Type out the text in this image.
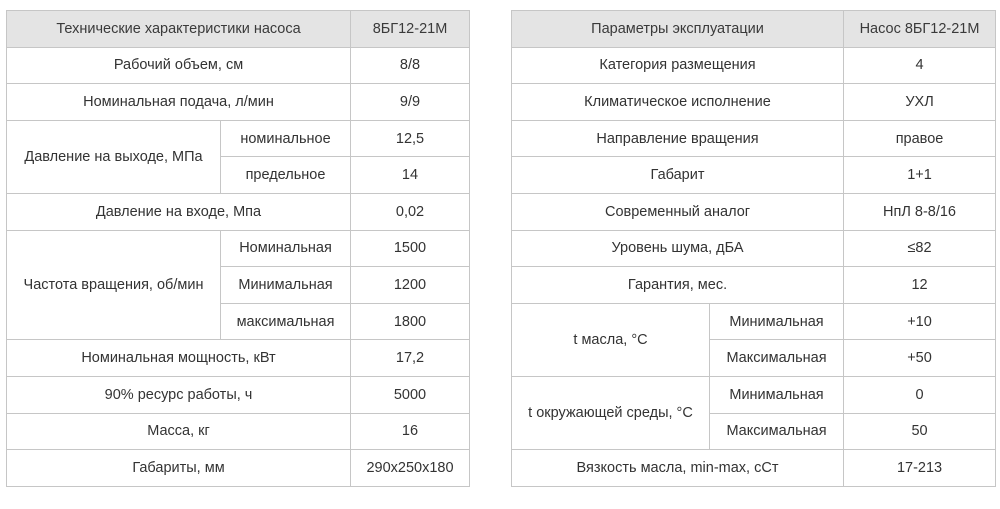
Технические характеристики насоса		8БГ12-21М
Рабочий объем, см		8/8
Номинальная подача, л/мин		9/9
Давление на выходе, МПа	номинальное	12,5
	предельное	14
Давление на входе, Мпа		0,02
Частота вращения, об/мин	Номинальная	1500
	Минимальная	1200
	максимальная	1800
Номинальная мощность, кВт		17,2
90% ресурс работы, ч		5000
Масса, кг		16
Габариты, мм		290x250x180
Параметры эксплуатации		Насос 8БГ12-21М
Категория размещения		4
Климатическое исполнение		УХЛ
Направление вращения		правое
Габарит		1+1
Современный аналог		НпЛ 8-8/16
Уровень шума, дБА		≤82
Гарантия, мес.		12
t масла, °С	Минимальная	+10
	Максимальная	+50
t окружающей среды, °С	Минимальная	0
	Максимальная	50
Вязкость масла, min-max, сСт		17-213
